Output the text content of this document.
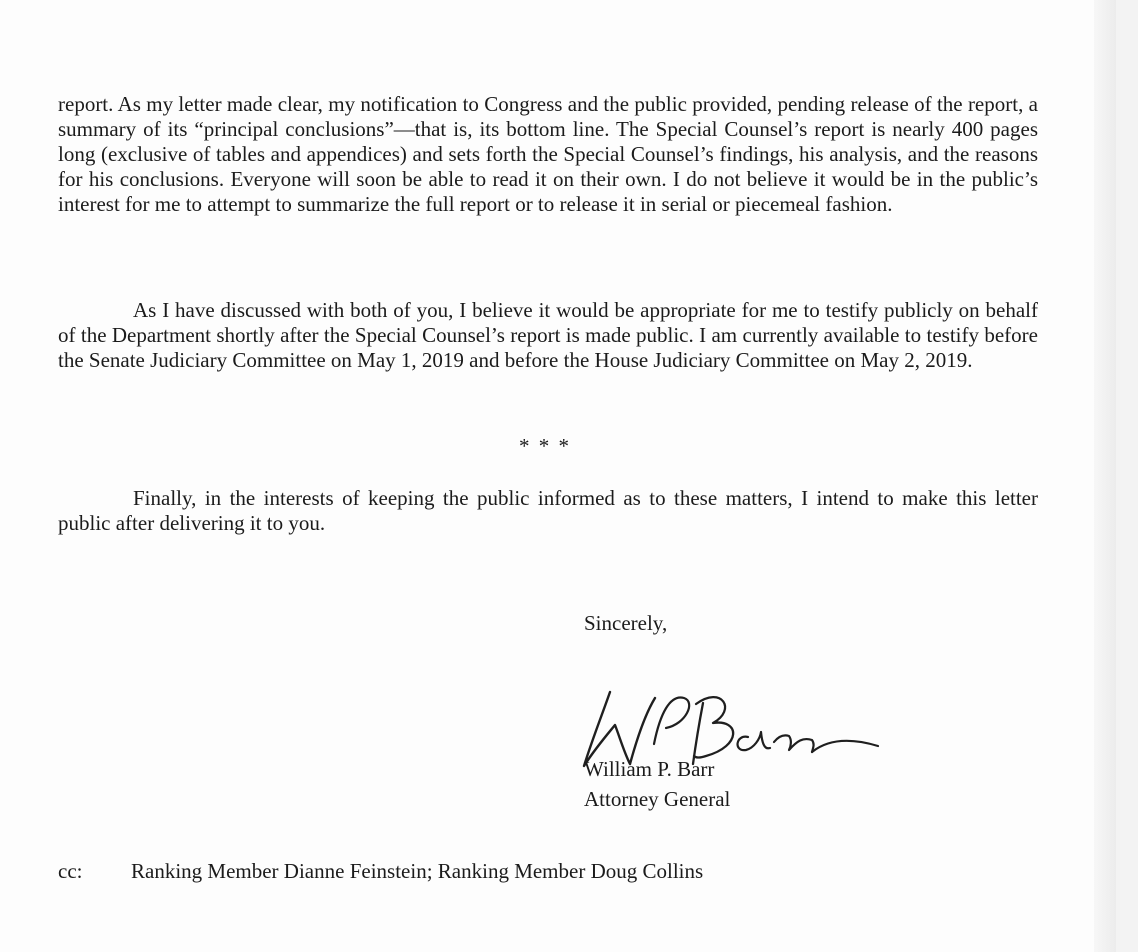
report. As my letter made clear, my notification to Congress and the public provided, pending release of the report, a summary of its “principal conclusions”—that is, its bottom line. The Special Counsel’s report is nearly 400 pages long (exclusive of tables and appendices) and sets forth the Special Counsel’s findings, his analysis, and the reasons for his conclusions. Everyone will soon be able to read it on their own. I do not believe it would be in the public’s interest for me to attempt to summarize the full report or to release it in serial or piecemeal fashion.
As I have discussed with both of you, I believe it would be appropriate for me to testify publicly on behalf of the Department shortly after the Special Counsel’s report is made public. I am currently available to testify before the Senate Judiciary Committee on May 1, 2019 and before the House Judiciary Committee on May 2, 2019.
* * *
Finally, in the interests of keeping the public informed as to these matters, I intend to make this letter public after delivering it to you.
Sincerely,
William P. Barr
Attorney General
cc:	Ranking Member Dianne Feinstein; Ranking Member Doug Collins
